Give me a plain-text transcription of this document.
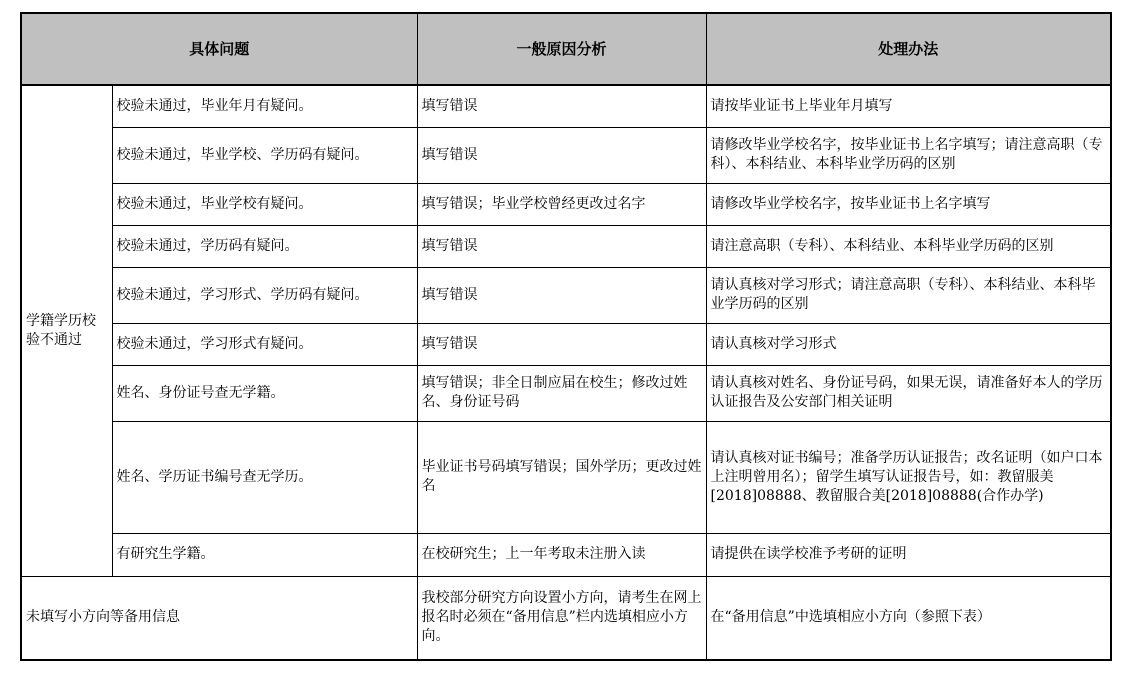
具体问题		一般原因分析	处理办法
学籍学历校验不通过	校验未通过，毕业年月有疑问。	填写错误	请按毕业证书上毕业年月填写
	校验未通过，毕业学校、学历码有疑问。	填写错误	请修改毕业学校名字，按毕业证书上名字填写；请注意高职（专科）、本科结业、本科毕业学历码的区别
	校验未通过，毕业学校有疑问。	填写错误；毕业学校曾经更改过名字	请修改毕业学校名字，按毕业证书上名字填写
	校验未通过，学历码有疑问。	填写错误	请注意高职（专科）、本科结业、本科毕业学历码的区别
	校验未通过，学习形式、学历码有疑问。	填写错误	请认真核对学习形式；请注意高职（专科）、本科结业、本科毕业学历码的区别
	校验未通过，学习形式有疑问。	填写错误	请认真核对学习形式
	姓名、身份证号查无学籍。	填写错误；非全日制应届在校生；修改过姓名、身份证号码	请认真核对姓名、身份证号码，如果无误，请准备好本人的学历认证报告及公安部门相关证明
	姓名、学历证书编号查无学历。	毕业证书号码填写错误；国外学历；更改过姓名	请认真核对证书编号；准备学历认证报告；改名证明（如户口本上注明曾用名）；留学生填写认证报告号，如：教留服美[2018]08888、教留服合美[2018]08888(合作办学)
	有研究生学籍。	在校研究生；上一年考取未注册入读	请提供在读学校准予考研的证明
未填写小方向等备用信息		我校部分研究方向设置小方向，请考生在网上报名时必须在“备用信息”栏内选填相应小方向。	在“备用信息”中选填相应小方向（参照下表）
